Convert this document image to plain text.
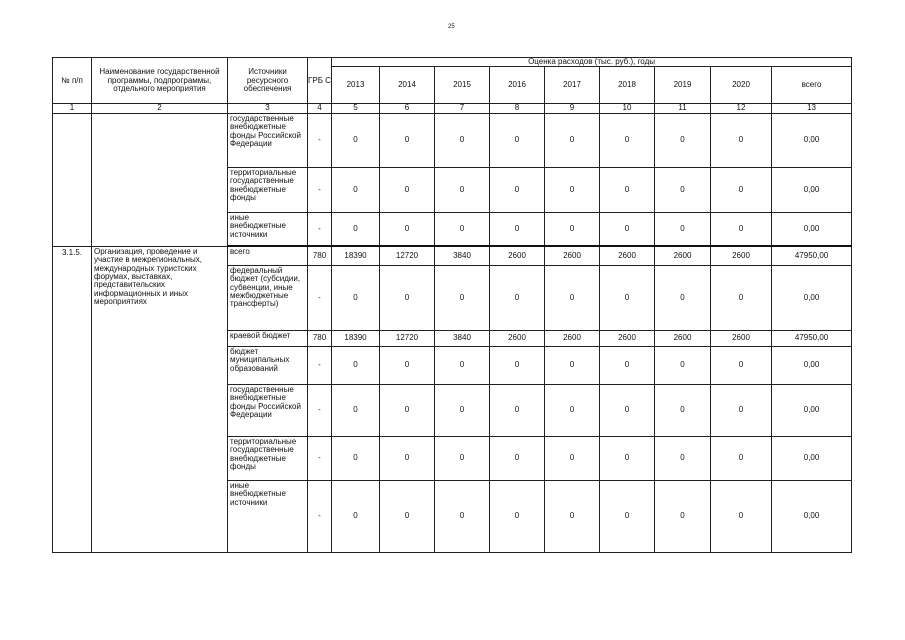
25
№ п/п	Наименование государственной программы, подпрограммы, отдельного мероприятия	Источники ресурсного обеспечения	ГРБ С	Оценка расходов (тыс. руб.), годы								
				2013	2014	2015	2016	2017	2018	2019	2020	всего
1	2	3	4	5	6	7	8	9	10	11	12	13
		государственные внебюджетные фонды Российской Федерации	-	0	0	0	0	0	0	0	0	0,00
		территориальные государственные внебюджетные фонды	-	0	0	0	0	0	0	0	0	0,00
		иные внебюджетные источники	-	0	0	0	0	0	0	0	0	0,00
3.1.5.	Организация, проведение и участие в межрегиональных, международных туристских форумах, выставках, представительских информационных и иных мероприятиях	всего	780	18390	12720	3840	2600	2600	2600	2600	2600	47950,00
		федеральный бюджет (субсидии, субвенции, иные межбюджетные трансферты)	-	0	0	0	0	0	0	0	0	0,00
		краевой бюджет	780	18390	12720	3840	2600	2600	2600	2600	2600	47950,00
		бюджет муниципальных образований	-	0	0	0	0	0	0	0	0	0,00
		государственные внебюджетные фонды Российской Федерации	-	0	0	0	0	0	0	0	0	0,00
		территориальные государственные внебюджетные фонды	-	0	0	0	0	0	0	0	0	0,00
		иные внебюджетные источники	-	0	0	0	0	0	0	0	0	0,00
